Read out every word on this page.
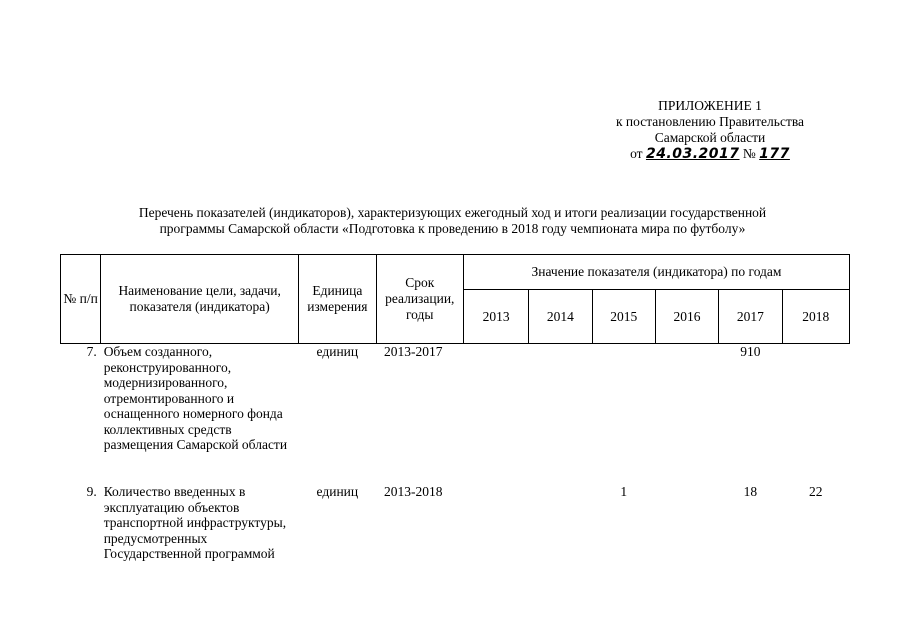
ПРИЛОЖЕНИЕ 1
к постановлению Правительства
Самарской области
от 24.03.2017 № 177
Перечень показателей (индикаторов), характеризующих ежегодный ход и итоги реализации государственной
программы Самарской области «Подготовка к проведению в 2018 году чемпионата мира по футболу»
№ п/п	Наименование цели, задачи, показателя (индикатора)	Единица измерения	Срок реализации, годы	Значение показателя (индикатора) по годам					
				2013	2014	2015	2016	2017	2018
7.	Объем созданного, реконструированного, модернизированного, отремонтированного и оснащенного номерного фонда коллективных средств размещения Самарской области	единиц	2013-2017					910	
9.	Количество введенных в эксплуатацию объектов транспортной инфраструктуры, предусмотренных Государственной программой	единиц	2013-2018			1		18	22
